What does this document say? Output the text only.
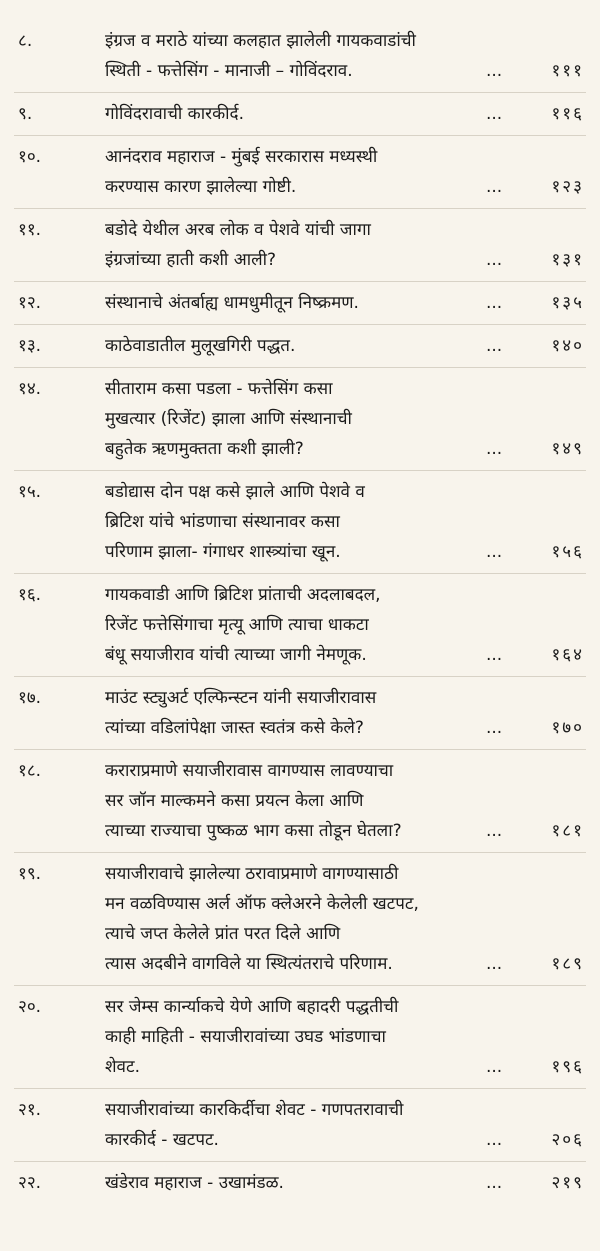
८.	इंग्रज व मराठे यांच्या कलहात झालेली गायकवाडांची
स्थिती - फत्तेसिंग - मानाजी – गोविंदराव.	...	१११
९.	गोविंदरावाची कारकीर्द.	...	११६
१०.	आनंदराव महाराज - मुंबई सरकारास मध्यस्थी
करण्यास कारण झालेल्या गोष्टी.	...	१२३
११.	बडोदे येथील अरब लोक व पेशवे यांची जागा
इंग्रजांच्या हाती कशी आली?	...	१३१
१२.	संस्थानाचे अंतर्बाह्य धामधुमीतून निष्क्रमण.	...	१३५
१३.	काठेवाडातील मुलूखगिरी पद्धत.	...	१४०
१४.	सीताराम कसा पडला - फत्तेसिंग कसा
मुखत्यार (रिजेंट) झाला आणि संस्थानाची
बहुतेक ऋणमुक्तता कशी झाली?	...	१४९
१५.	बडोद्यास दोन पक्ष कसे झाले आणि पेशवे व
ब्रिटिश यांचे भांडणाचा संस्थानावर कसा
परिणाम झाला- गंगाधर शास्त्र्यांचा खून.	...	१५६
१६.	गायकवाडी आणि ब्रिटिश प्रांताची अदलाबदल,
रिजेंट फत्तेसिंगाचा मृत्यू आणि त्याचा धाकटा
बंधू सयाजीराव यांची त्याच्या जागी नेमणूक.	...	१६४
१७.	माउंट स्ट्युअर्ट एल्फिन्स्टन यांनी सयाजीरावास
त्यांच्या वडिलांपेक्षा जास्त स्वतंत्र कसे केले?	...	१७०
१८.	कराराप्रमाणे सयाजीरावास वागण्यास लावण्याचा
सर जॉन माल्कमने कसा प्रयत्न केला आणि
त्याच्या राज्याचा पुष्कळ भाग कसा तोडून घेतला?	...	१८१
१९.	सयाजीरावाचे झालेल्या ठरावाप्रमाणे वागण्यासाठी
मन वळविण्यास अर्ल ऑफ क्लेअरने केलेली खटपट,
त्याचे जप्त केलेले प्रांत परत दिले आणि
त्यास अदबीने वागविले या स्थित्यंतराचे परिणाम.	...	१८९
२०.	सर जेम्स कार्न्याकचे येणे आणि बहादरी पद्धतीची
काही माहिती - सयाजीरावांच्या उघड भांडणाचा
शेवट.	...	१९६
२१.	सयाजीरावांच्या कारकिर्दीचा शेवट - गणपतरावाची
कारकीर्द - खटपट.	...	२०६
२२.	खंडेराव महाराज - उखामंडळ.	...	२१९
